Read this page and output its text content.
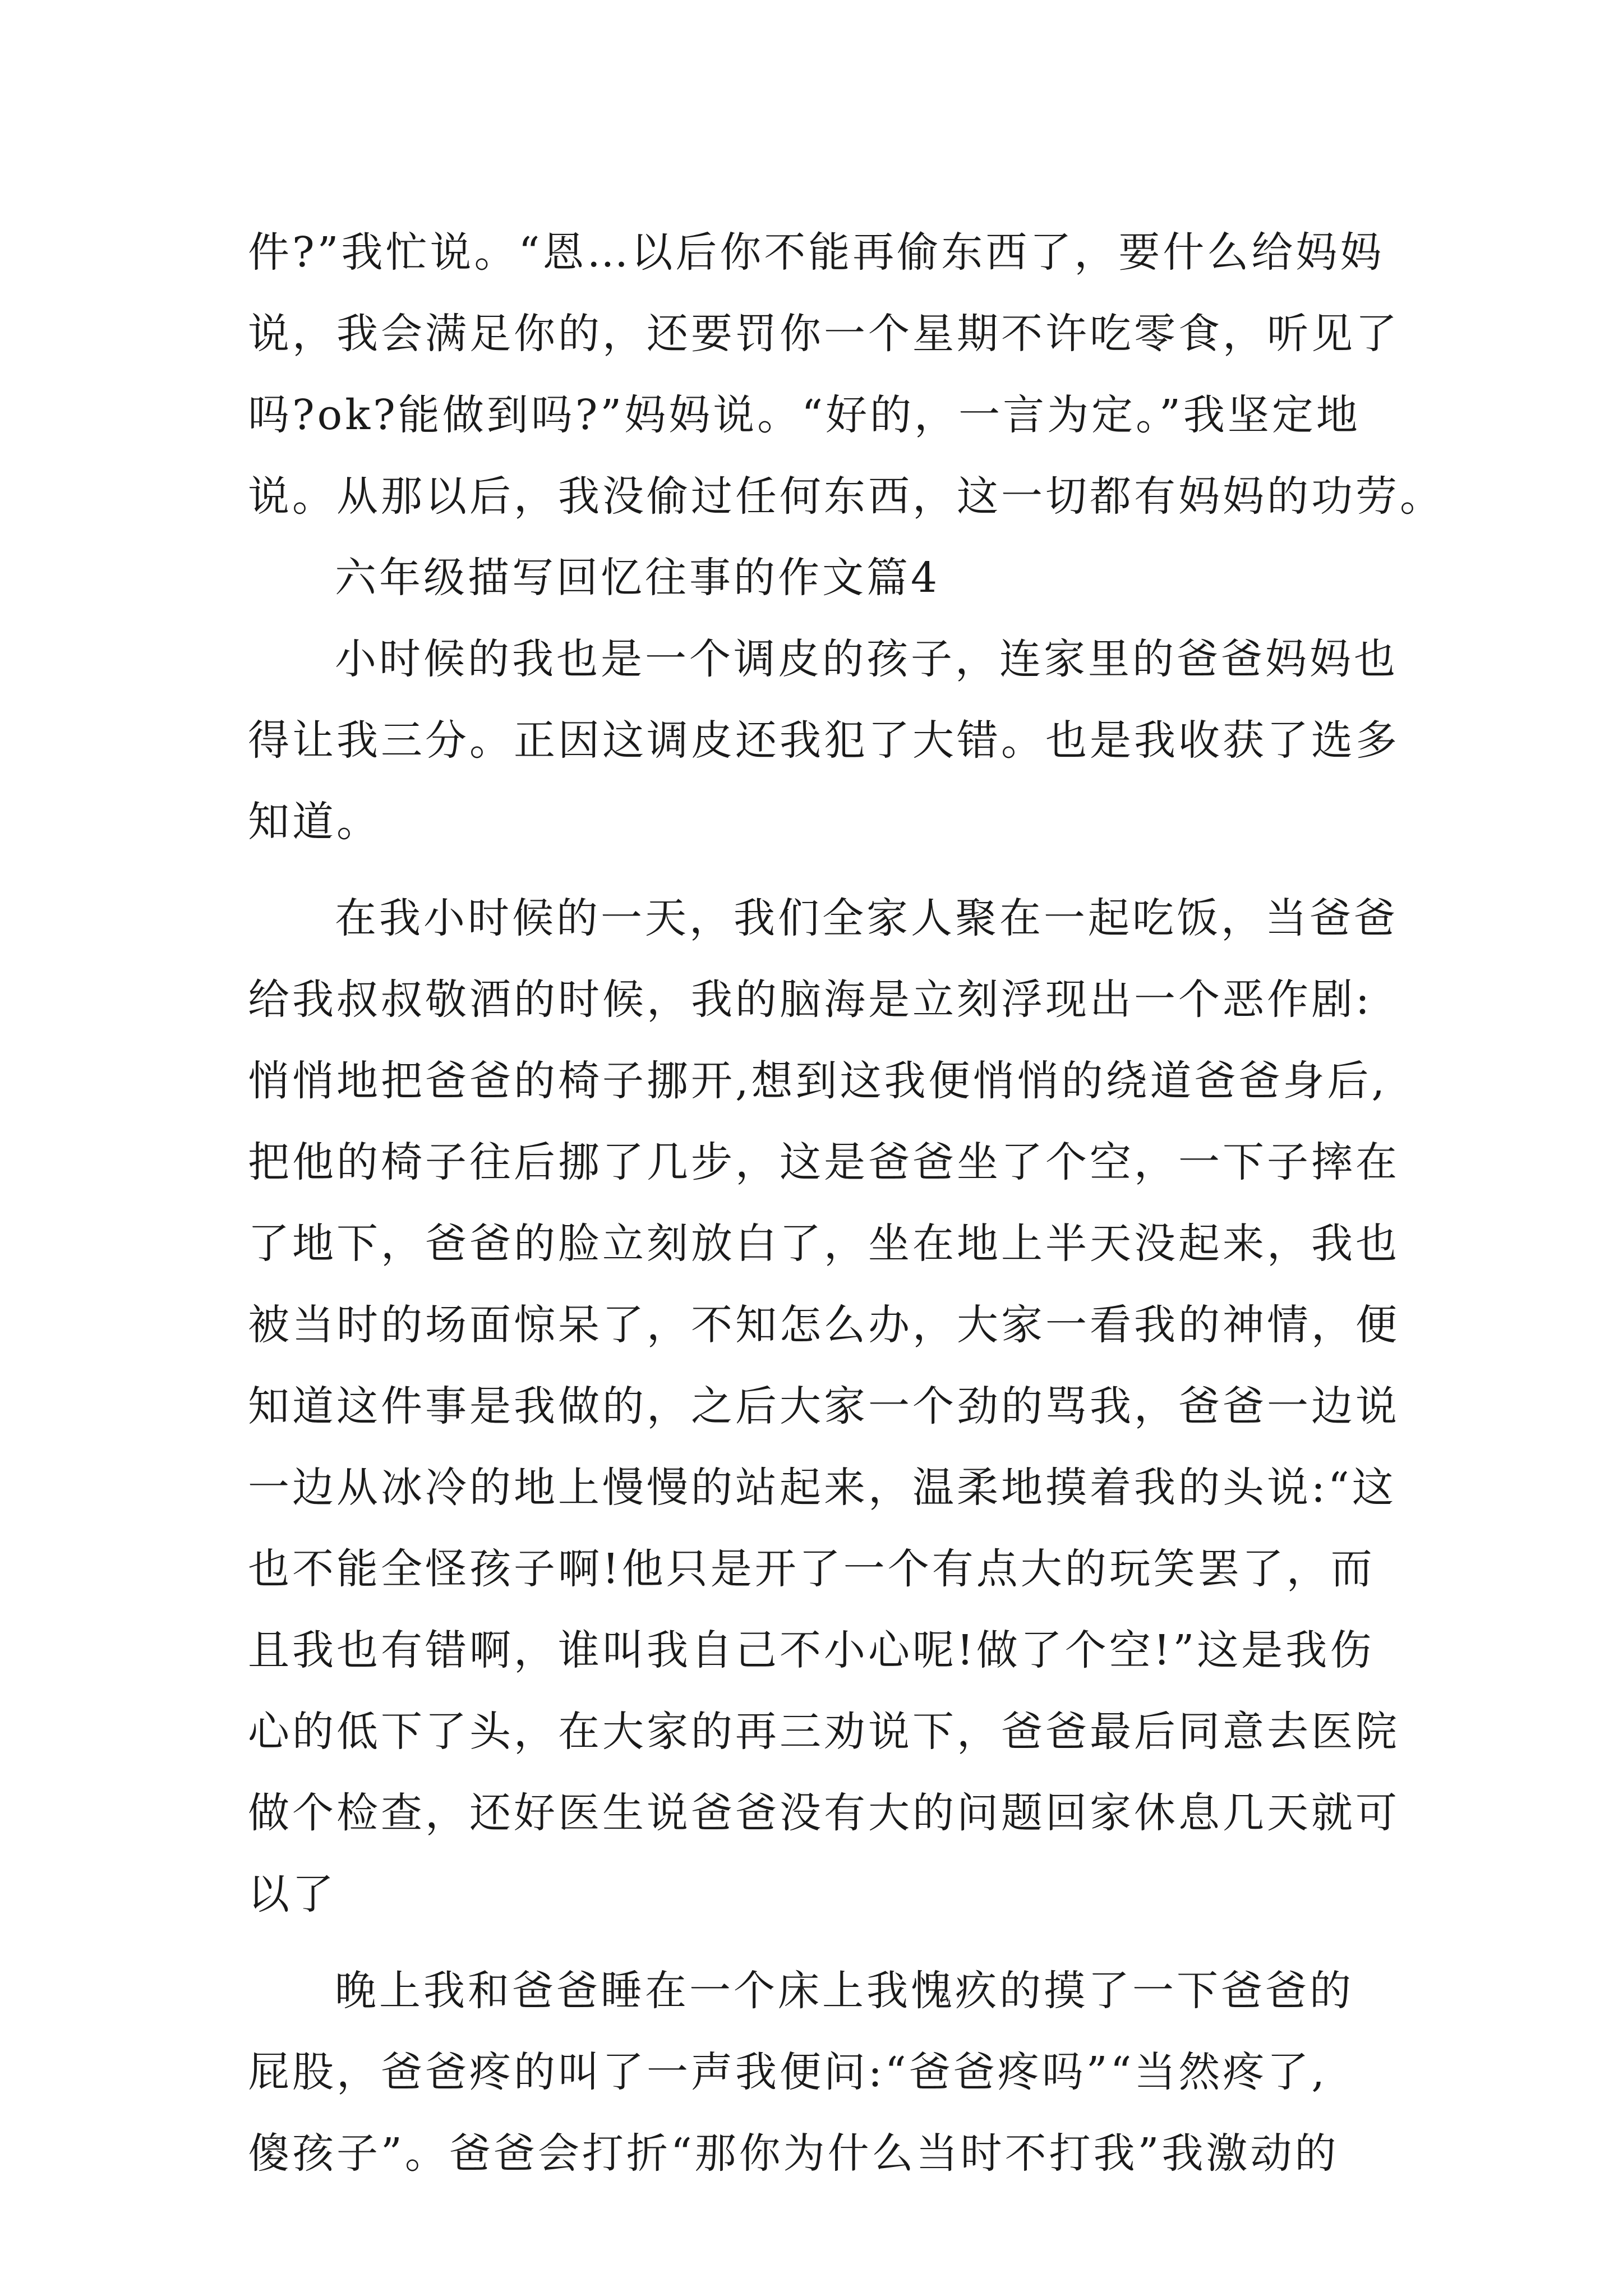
件?”我忙说。“恩…以后你不能再偷东西了，要什么给妈妈
说，我会满足你的，还要罚你一个星期不许吃零食，听见了
吗?ok?能做到吗?”妈妈说。“好的，一言为定。”我坚定地
说。从那以后，我没偷过任何东西，这一切都有妈妈的功劳。
六年级描写回忆往事的作文篇4
小时候的我也是一个调皮的孩子，连家里的爸爸妈妈也
得让我三分。正因这调皮还我犯了大错。也是我收获了选多
知道。
在我小时候的一天，我们全家人聚在一起吃饭，当爸爸
给我叔叔敬酒的时候，我的脑海是立刻浮现出一个恶作剧:
悄悄地把爸爸的椅子挪开,想到这我便悄悄的绕道爸爸身后,
把他的椅子往后挪了几步，这是爸爸坐了个空，一下子摔在
了地下，爸爸的脸立刻放白了，坐在地上半天没起来，我也
被当时的场面惊呆了，不知怎么办，大家一看我的神情，便
知道这件事是我做的，之后大家一个劲的骂我，爸爸一边说
一边从冰冷的地上慢慢的站起来，温柔地摸着我的头说:“这
也不能全怪孩子啊!他只是开了一个有点大的玩笑罢了，而
且我也有错啊，谁叫我自己不小心呢!做了个空!”这是我伤
心的低下了头，在大家的再三劝说下，爸爸最后同意去医院
做个检查，还好医生说爸爸没有大的问题回家休息几天就可
以了
晚上我和爸爸睡在一个床上我愧疚的摸了一下爸爸的
屁股，爸爸疼的叫了一声我便问:“爸爸疼吗”“当然疼了,
傻孩子”。爸爸会打折“那你为什么当时不打我”我激动的
